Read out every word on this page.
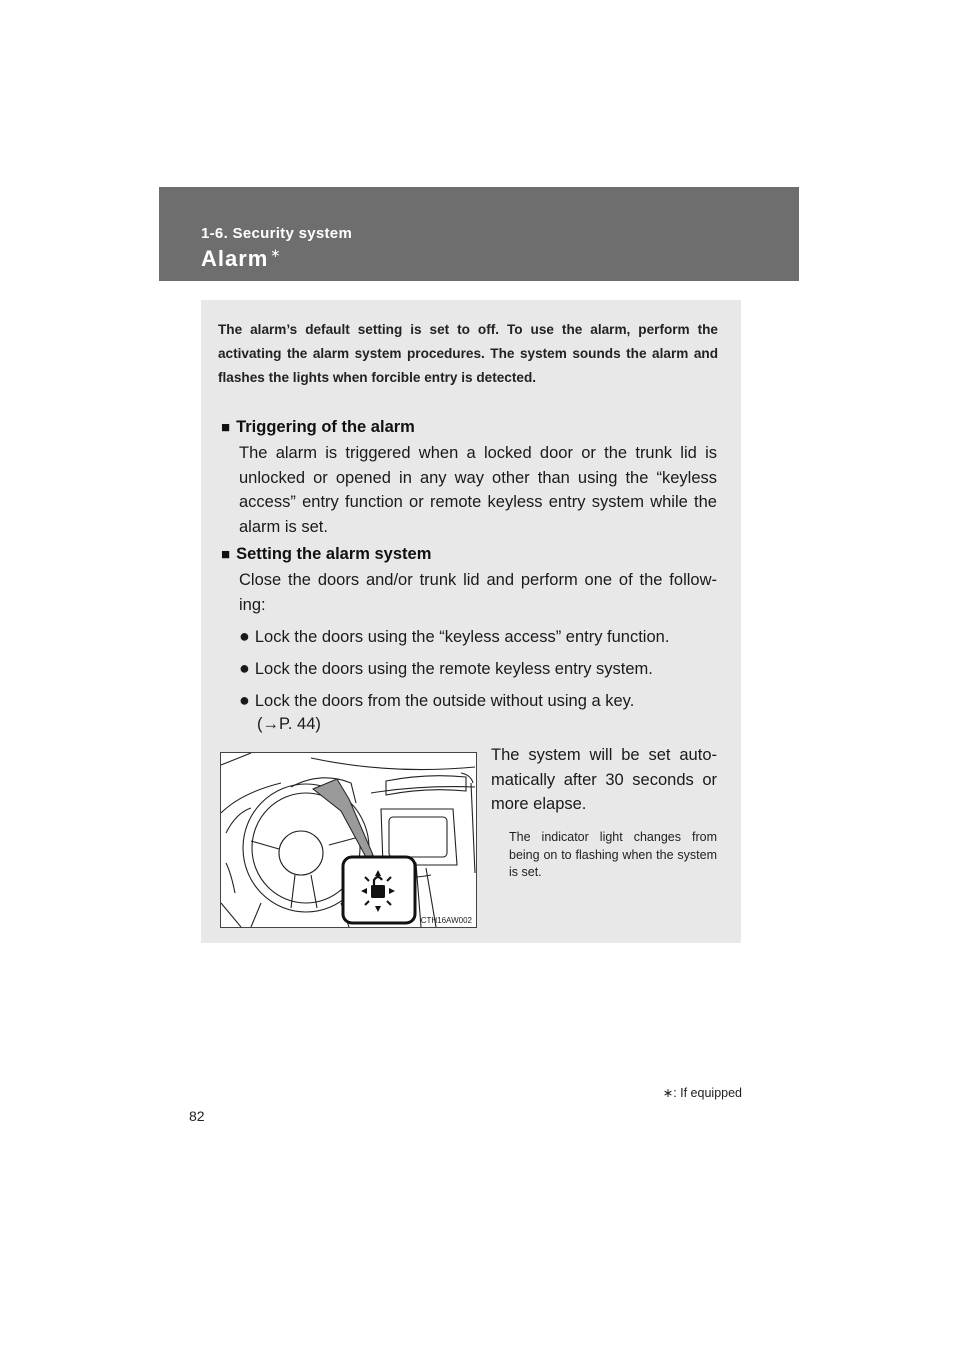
1-6. Security system
Alarm ∗
The alarm’s default setting is set to off. To use the alarm, perform the activating the alarm system procedures. The system sounds the alarm and flashes the lights when forcible entry is detected.
■ Triggering of the alarm
The alarm is triggered when a locked door or the trunk lid is unlocked or opened in any way other than using the “keyless access” entry function or remote keyless entry system while the alarm is set.
■ Setting the alarm system
Close the doors and/or trunk lid and perform one of the follow-ing:
● Lock the doors using the “keyless access” entry function.
● Lock the doors using the remote keyless entry system.
● Lock the doors from the outside without using a key.
(→P. 44)
CTH16AW002
The system will be set auto-matically after 30 seconds or more elapse.
The indicator light changes from being on to flashing when the system is set.
∗: If equipped
82
